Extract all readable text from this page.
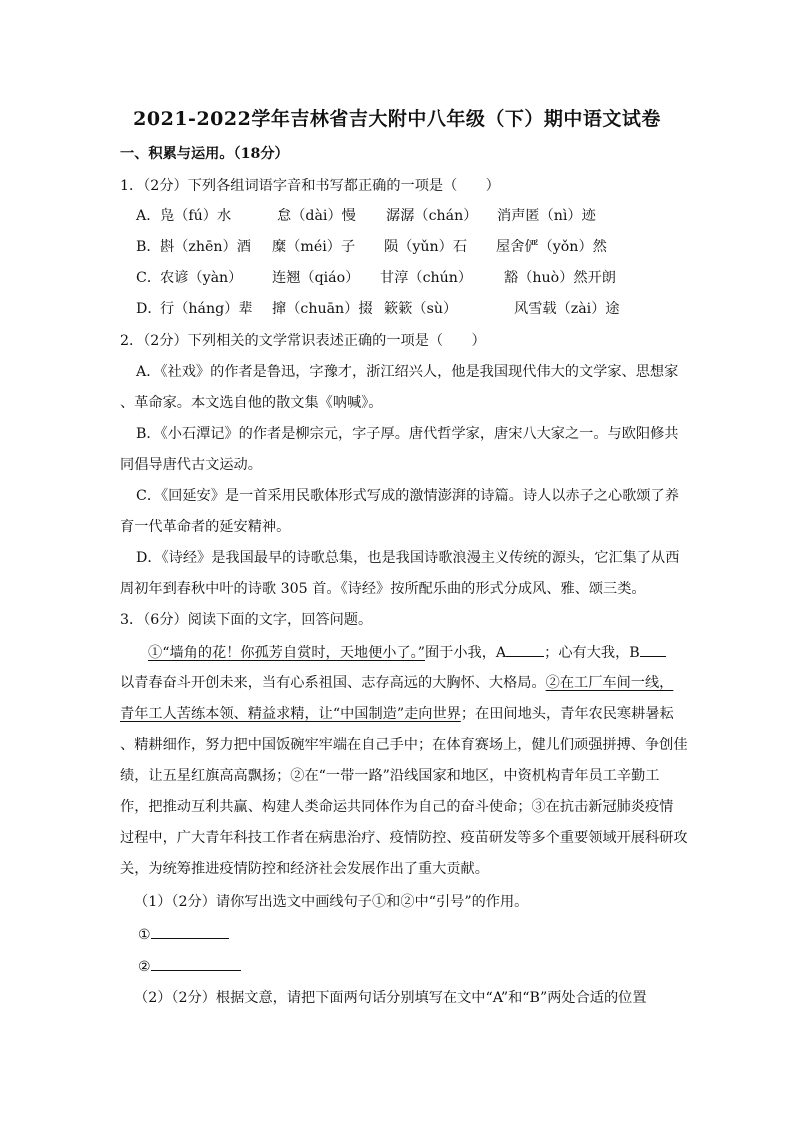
2021-2022学年吉林省吉大附中八年级（下）期中语文试卷
一、积累与运用。（18分）
1．（2分）下列各组词语字音和书写都正确的一项是（　　）
A． 凫（fú）水	怠（dài）慢 潺潺（chán） 消声匿（nì）迹
B． 斟（zhēn）酒 糜（méi）子 陨（yǔn）石 屋舍俨（yǒn）然
C．
农谚（yàn） 连翘（qiáo） 甘淳（chún） 豁（huò）然开朗
D．
行（háng）辈 撺（chuān）掇 簌簌（sù）	风雪载（zài）途
2．（2分）下列相关的文学常识表述正确的一项是（　　）
A．《社戏》的作者是鲁迅，字豫才，浙江绍兴人，他是我国现代伟大的文学家、思想家
、革命家。本文选自他的散文集《呐喊》。
B．《小石潭记》的作者是柳宗元，字子厚。唐代哲学家，唐宋八大家之一。与欧阳修共
同倡导唐代古文运动。
C．《回延安》是一首采用民歌体形式写成的激情澎湃的诗篇。诗人以赤子之心歌颂了养
育一代革命者的延安精神。
D．《诗经》是我国最早的诗歌总集，也是我国诗歌浪漫主义传统的源头，它汇集了从西
周初年到春秋中叶的诗歌 305 首。《诗经》按所配乐曲的形式分成风、雅、颂三类。
3．（6分）阅读下面的文字，回答问题。
①“墙角的花！你孤芳自赏时，天地便小了。”囿于小我，A	；心有大我，B
以青春奋斗开创未来，当有心系祖国、志存高远的大胸怀、大格局。②在工厂车间一线，
青年工人苦练本领、精益求精，让“中国制造”走向世界；在田间地头，青年农民寒耕暑耘
、精耕细作，努力把中国饭碗牢牢端在自己手中；在体育赛场上，健儿们顽强拼搏、争创佳
绩，让五星红旗高高飘扬；②在“一带一路”沿线国家和地区，中资机构青年员工辛勤工
作，把推动互利共赢、构建人类命运共同体作为自己的奋斗使命；③在抗击新冠肺炎疫情
过程中，广大青年科技工作者在病患治疗、疫情防控、疫苗研发等多个重要领域开展科研攻
关，为统筹推进疫情防控和经济社会发展作出了重大贡献。
（1）（2分）请你写出选文中画线句子①和②中“引号”的作用。
①
②
（2）（2分）根据文意，请把下面两句话分别填写在文中“A”和“B”两处合适的位置
